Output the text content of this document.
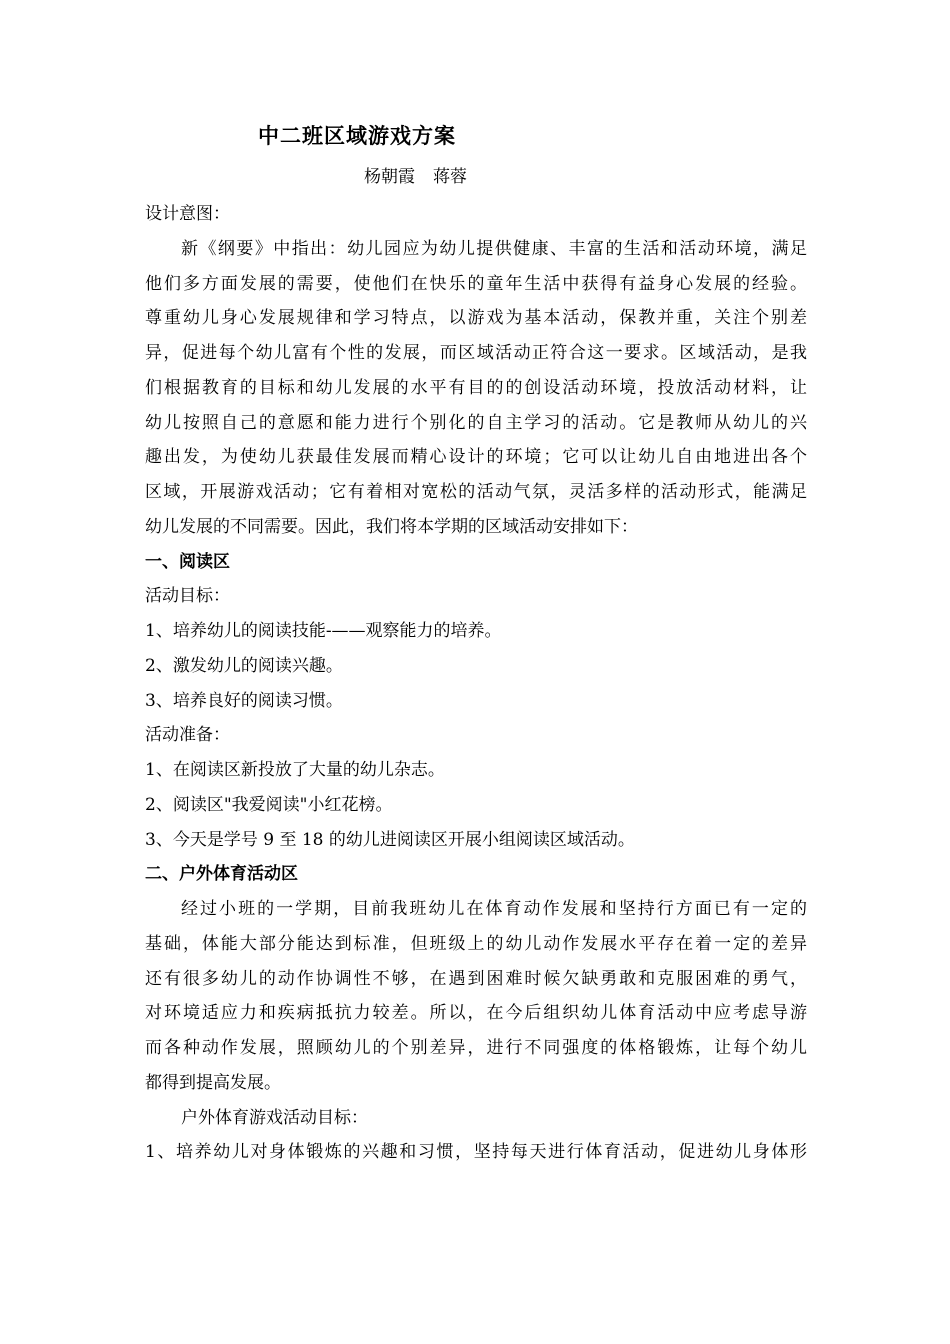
中二班区域游戏方案
杨朝霞 蒋蓉
设计意图：
新《纲要》中指出：幼儿园应为幼儿提供健康、丰富的生活和活动环境，满足
他们多方面发展的需要，使他们在快乐的童年生活中获得有益身心发展的经验。
尊重幼儿身心发展规律和学习特点，以游戏为基本活动，保教并重，关注个别差
异，促进每个幼儿富有个性的发展，而区域活动正符合这一要求。区域活动，是我
们根据教育的目标和幼儿发展的水平有目的的创设活动环境，投放活动材料，让
幼儿按照自己的意愿和能力进行个别化的自主学习的活动。它是教师从幼儿的兴
趣出发，为使幼儿获最佳发展而精心设计的环境；它可以让幼儿自由地进出各个
区域，开展游戏活动；它有着相对宽松的活动气氛，灵活多样的活动形式，能满足
幼儿发展的不同需要。因此，我们将本学期的区域活动安排如下：
一、阅读区
活动目标：
1、培养幼儿的阅读技能-——观察能力的培养。
2、激发幼儿的阅读兴趣。
3、培养良好的阅读习惯。
活动准备：
1、在阅读区新投放了大量的幼儿杂志。
2、阅读区"我爱阅读"小红花榜。
3、今天是学号 9 至 18 的幼儿进阅读区开展小组阅读区域活动。
二、户外体育活动区
经过小班的一学期，目前我班幼儿在体育动作发展和坚持行方面已有一定的
基础，体能大部分能达到标准，但班级上的幼儿动作发展水平存在着一定的差异
还有很多幼儿的动作协调性不够，在遇到困难时候欠缺勇敢和克服困难的勇气，
对环境适应力和疾病抵抗力较差。所以，在今后组织幼儿体育活动中应考虑导游
而各种动作发展，照顾幼儿的个别差异，进行不同强度的体格锻炼，让每个幼儿
都得到提高发展。
户外体育游戏活动目标：
1、培养幼儿对身体锻炼的兴趣和习惯，坚持每天进行体育活动，促进幼儿身体形
